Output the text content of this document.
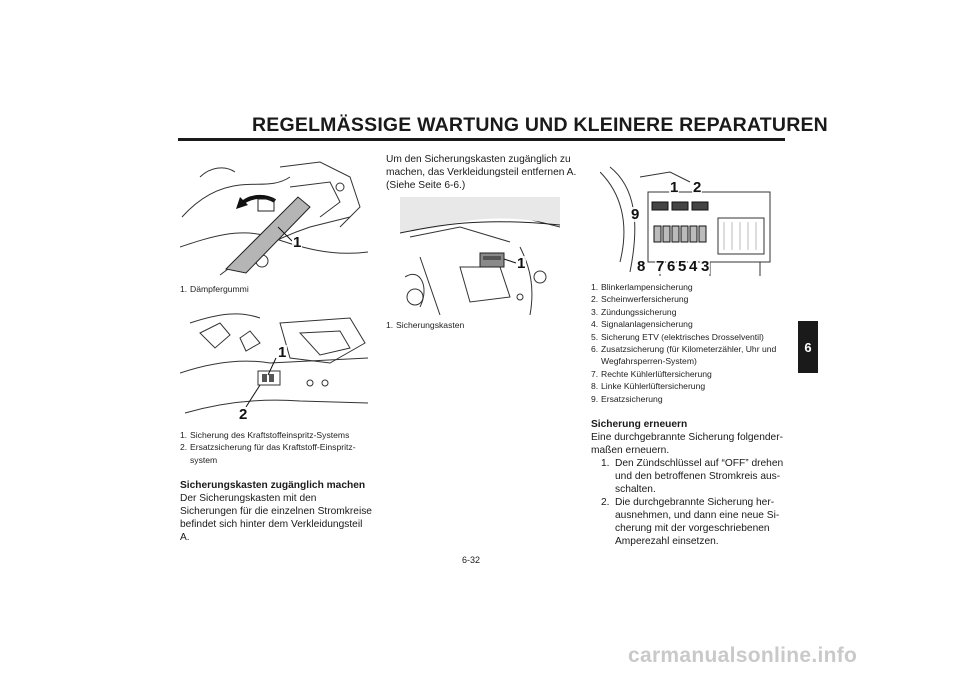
REGELMÄSSIGE WARTUNG UND KLEINERE REPARATUREN
6
1
1. Dämpfergummi
1
2
1. Sicherung des Kraftstoffeinspritz-Systems
2. Ersatzsicherung für das Kraftstoff-Einspritz-system
Sicherungskasten zugänglich machen

Der Sicherungskasten mit den Sicherungen für die einzelnen Stromkreise befindet sich hinter dem Verkleidungsteil A.

Um den Sicherungskasten zugänglich zu machen, das Verkleidungsteil entfernen A. (Siehe Seite 6-6.)

1
1. Sicherungskasten
1 2
9
8 7 6 5 4 3
1. Blinkerlampensicherung
2. Scheinwerfersicherung
3. Zündungssicherung
4. Signalanlagensicherung
5. Sicherung ETV (elektrisches Drosselventil)
6. Zusatzsicherung (für Kilometerzähler, Uhr und Wegfahrsperren-System)
7. Rechte Kühlerlüftersicherung
8. Linke Kühlerlüftersicherung
9. Ersatzsicherung
Sicherung erneuern

Eine durchgebrannte Sicherung folgender-maßen erneuern.

1. Den Zündschlüssel auf “OFF” drehen und den betroffenen Stromkreis aus-schalten.
2. Die durchgebrannte Sicherung her-ausnehmen, und dann eine neue Si-cherung mit der vorgeschriebenen Amperezahl einsetzen.
6-32
carmanualsonline.info
